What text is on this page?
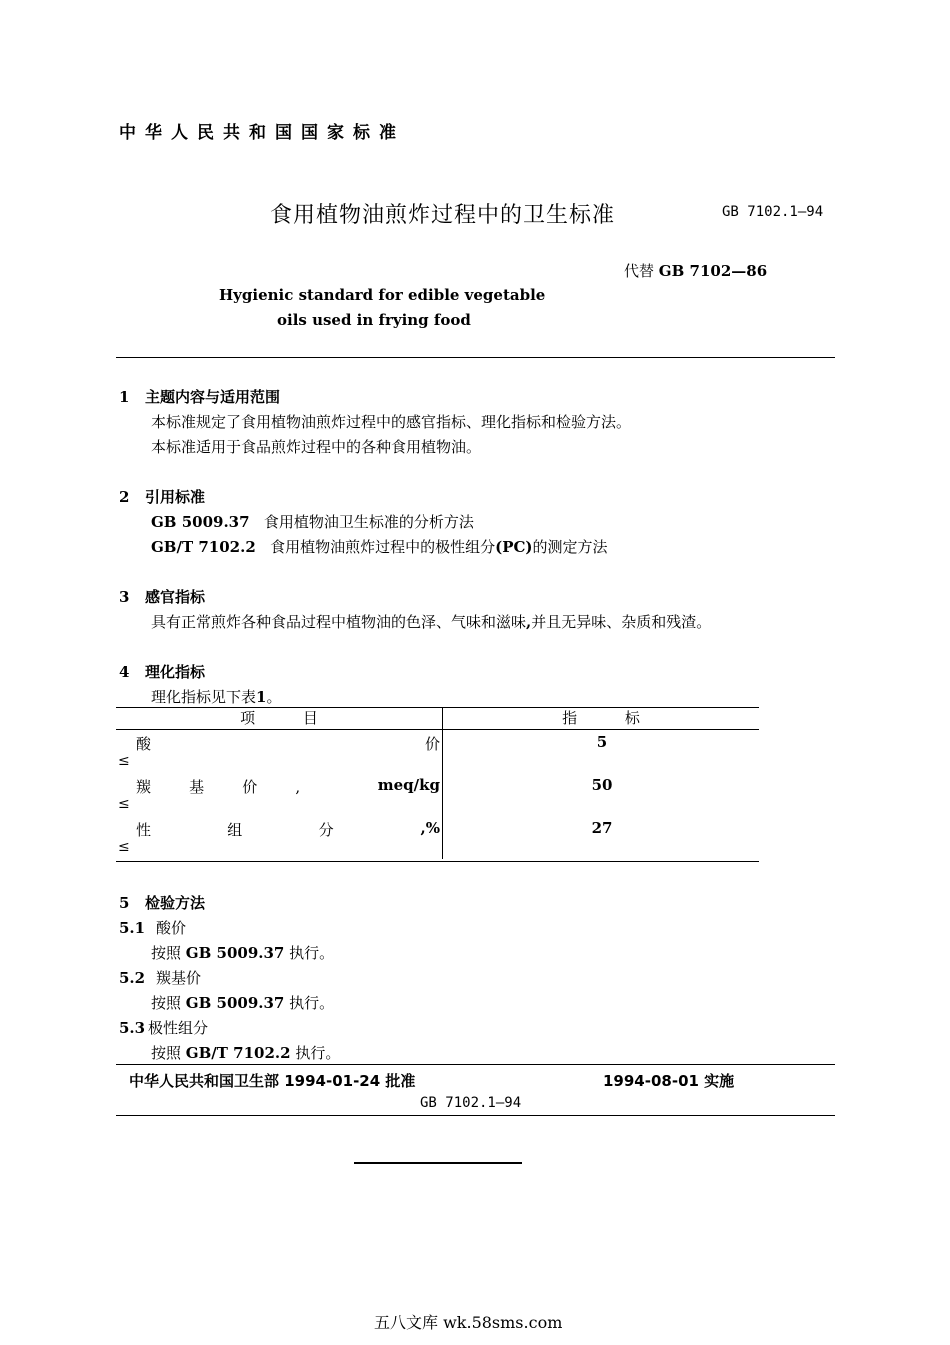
中华人民共和国国家标准
食用植物油煎炸过程中的卫生标准	GB 7102.1—94
代替 GB 7102—86
Hygienic standard for edible vegetable
oils used in frying food
1 主题内容与适用范围
本标准规定了食用植物油煎炸过程中的感官指标、理化指标和检验方法。
本标准适用于食品煎炸过程中的各种食用植物油。
2 引用标准
GB 5009.37 食用植物油卫生标准的分析方法
GB/T 7102.2 食用植物油煎炸过程中的极性组分(PC)的测定方法
3 感官指标
具有正常煎炸各种食品过程中植物油的色泽、气味和滋味,并且无异味、杂质和残渣。
4 理化指标
理化指标见下表1。
项          目	指          标

酸 价
≤	5

羰        基        价        , meq/kg
≤	50

性                组                分 ,%
≤	27
5 检验方法
5.1 酸价
按照 GB 5009.37 执行。
5.2 羰基价
按照 GB 5009.37 执行。
5.3 极性组分
按照 GB/T 7102.2 执行。
中华人民共和国卫生部 1994-01-24 批准	1994-08-01 实施
GB 7102.1—94
五八文库 wk.58sms.com
